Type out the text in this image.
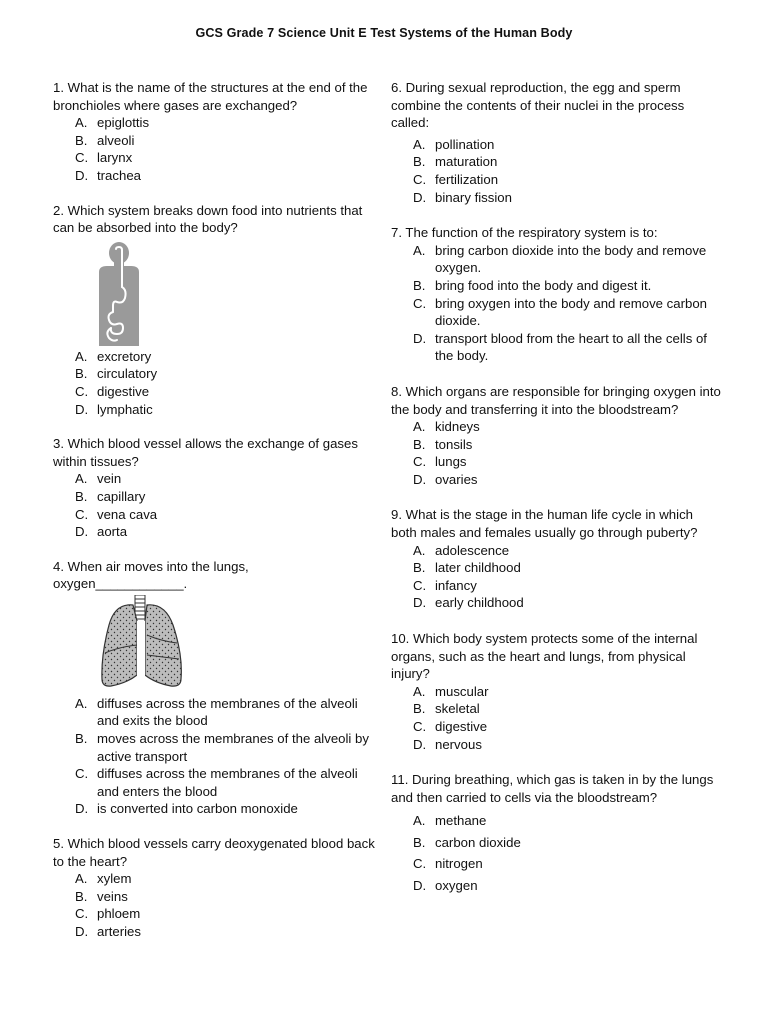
GCS Grade 7 Science Unit E Test Systems of the Human Body

1. What is the name of the structures at the end of the bronchioles where gases are exchanged?

A. epiglottis
B. alveoli
C. larynx
D. trachea

2. Which system breaks down food into nutrients that can be absorbed into the body?

A. excretory
B. circulatory
C. digestive
D. lymphatic

3. Which blood vessel allows the exchange of gases within tissues?

A. vein
B. capillary
C. vena cava
D. aorta

4. When air moves into the lungs,

oxygen____________.

A. diffuses across the membranes of the alveoli and exits the blood
B. moves across the membranes of the alveoli by active transport
C. diffuses across the membranes of the alveoli and enters the blood
D. is converted into carbon monoxide

5. Which blood vessels carry deoxygenated blood back to the heart?

A. xylem
B. veins
C. phloem
D. arteries

6. During sexual reproduction, the egg and sperm combine the contents of their nuclei in the process called:

A. pollination
B. maturation
C. fertilization
D. binary fission

7. The function of the respiratory system is to:

A. bring carbon dioxide into the body and remove oxygen.
B. bring food into the body and digest it.
C. bring oxygen into the body and remove carbon dioxide.
D. transport blood from the heart to all the cells of the body.

8. Which organs are responsible for bringing oxygen into the body and transferring it into the bloodstream?

A. kidneys
B. tonsils
C. lungs
D. ovaries

9. What is the stage in the human life cycle in which both males and females usually go through puberty?

A. adolescence
B. later childhood
C. infancy
D. early childhood

10. Which body system protects some of the internal organs, such as the heart and lungs, from physical injury?

A. muscular
B. skeletal
C. digestive
D. nervous

11. During breathing, which gas is taken in by the lungs and then carried to cells via the bloodstream?

A. methane
B. carbon dioxide
C. nitrogen
D. oxygen
